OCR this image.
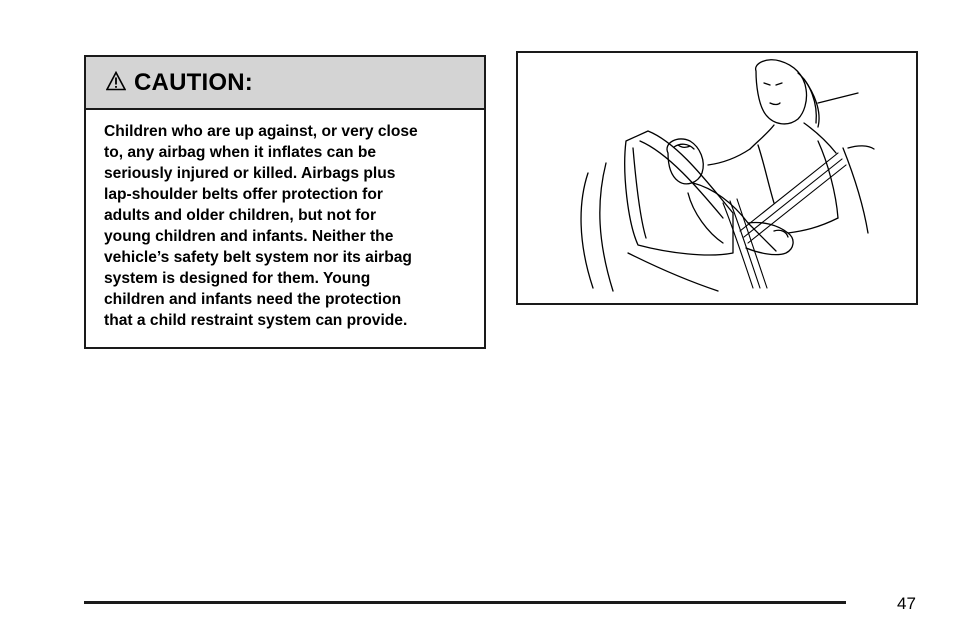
CAUTION:
Children who are up against, or very close
to, any airbag when it inflates can be
seriously injured or killed. Airbags plus
lap-shoulder belts offer protection for
adults and older children, but not for
young children and infants. Neither the
vehicle’s safety belt system nor its airbag
system is designed for them. Young
children and infants need the protection
that a child restraint system can provide.
47
